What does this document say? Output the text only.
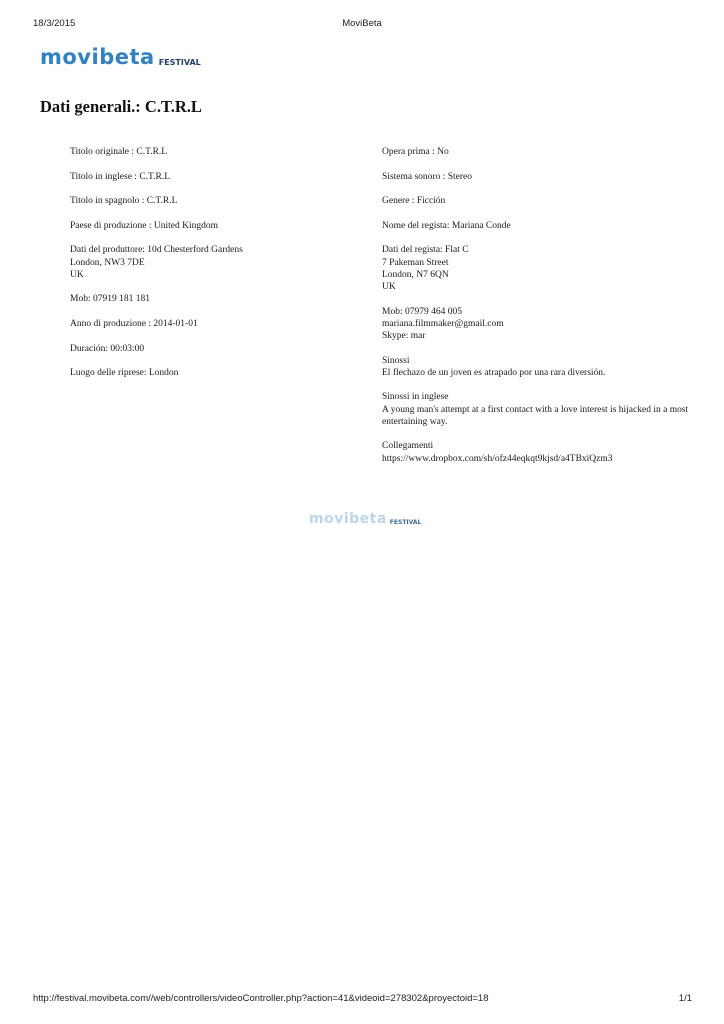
18/3/2015	MoviBeta
movibeta FESTIVAL
Dati generali.: C.T.R.L
Titolo originale : C.T.R.L
Titolo in inglese : C.T.R.L
Titolo in spagnolo : C.T.R.L
Paese di produzione : United Kingdom
Dati del produttore: 10d Chesterford Gardens
London, NW3 7DE
UK
Mob: 07919 181 181
Anno di produzione : 2014-01-01
Duración: 00:03:00
Luogo delle riprese: London
Opera prima : No
Sistema sonoro : Stereo
Genere : Ficción
Nome del regista: Mariana Conde
Dati del regista: Flat C
7 Pakeman Street
London, N7 6QN
UK
Mob: 07979 464 005
mariana.filmmaker@gmail.com
Skype: mar
Sinossi
El flechazo de un joven es atrapado por una rara diversión.
Sinossi in inglese
A young man's attempt at a first contact with a love interest is hijacked in a most
entertaining way.
Collegamenti
https://www.dropbox.com/sh/ofz44eqkqt9kjsd/a4TBxiQzm3
movibeta FESTIVAL
http://festival.movibeta.com//web/controllers/videoController.php?action=41&videoid=278302&proyectoid=18	1/1
